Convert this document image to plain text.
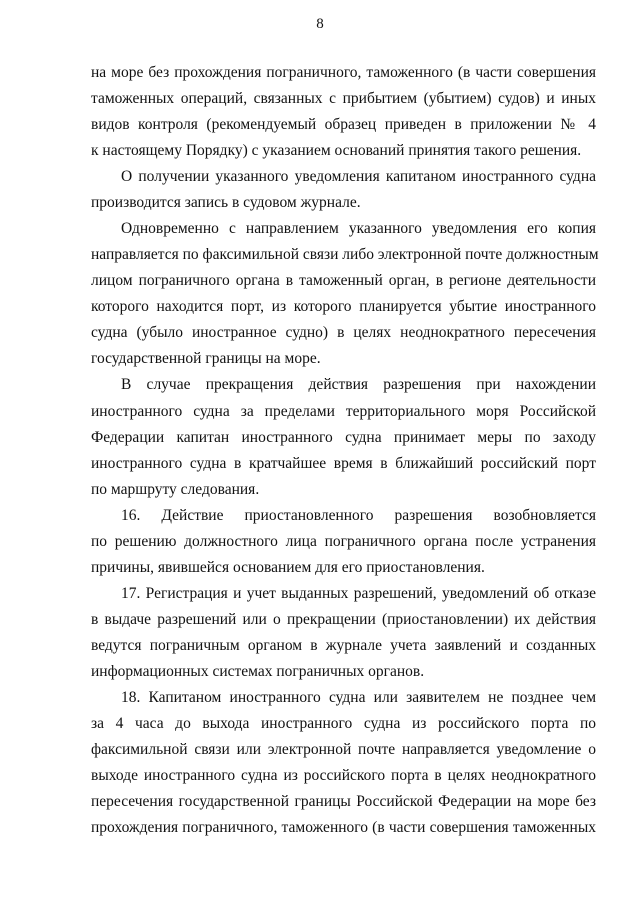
8
на море без прохождения пограничного, таможенного (в части совершения
таможенных операций, связанных с прибытием (убытием) судов) и иных
видов контроля (рекомендуемый образец приведен в приложении № 4
к настоящему Порядку) с указанием оснований принятия такого решения.
О получении указанного уведомления капитаном иностранного судна
производится запись в судовом журнале.
Одновременно с направлением указанного уведомления его копия
направляется по факсимильной связи либо электронной почте должностным
лицом пограничного органа в таможенный орган, в регионе деятельности
которого находится порт, из которого планируется убытие иностранного
судна (убыло иностранное судно) в целях неоднократного пересечения
государственной границы на море.
В случае прекращения действия разрешения при нахождении
иностранного судна за пределами территориального моря Российской
Федерации капитан иностранного судна принимает меры по заходу
иностранного судна в кратчайшее время в ближайший российский порт
по маршруту следования.
16. Действие приостановленного разрешения возобновляется
по решению должностного лица пограничного органа после устранения
причины, явившейся основанием для его приостановления.
17. Регистрация и учет выданных разрешений, уведомлений об отказе
в выдаче разрешений или о прекращении (приостановлении) их действия
ведутся пограничным органом в журнале учета заявлений и созданных
информационных системах пограничных органов.
18. Капитаном иностранного судна или заявителем не позднее чем
за 4 часа до выхода иностранного судна из российского порта по
факсимильной связи или электронной почте направляется уведомление о
выходе иностранного судна из российского порта в целях неоднократного
пересечения государственной границы Российской Федерации на море без
прохождения пограничного, таможенного (в части совершения таможенных
